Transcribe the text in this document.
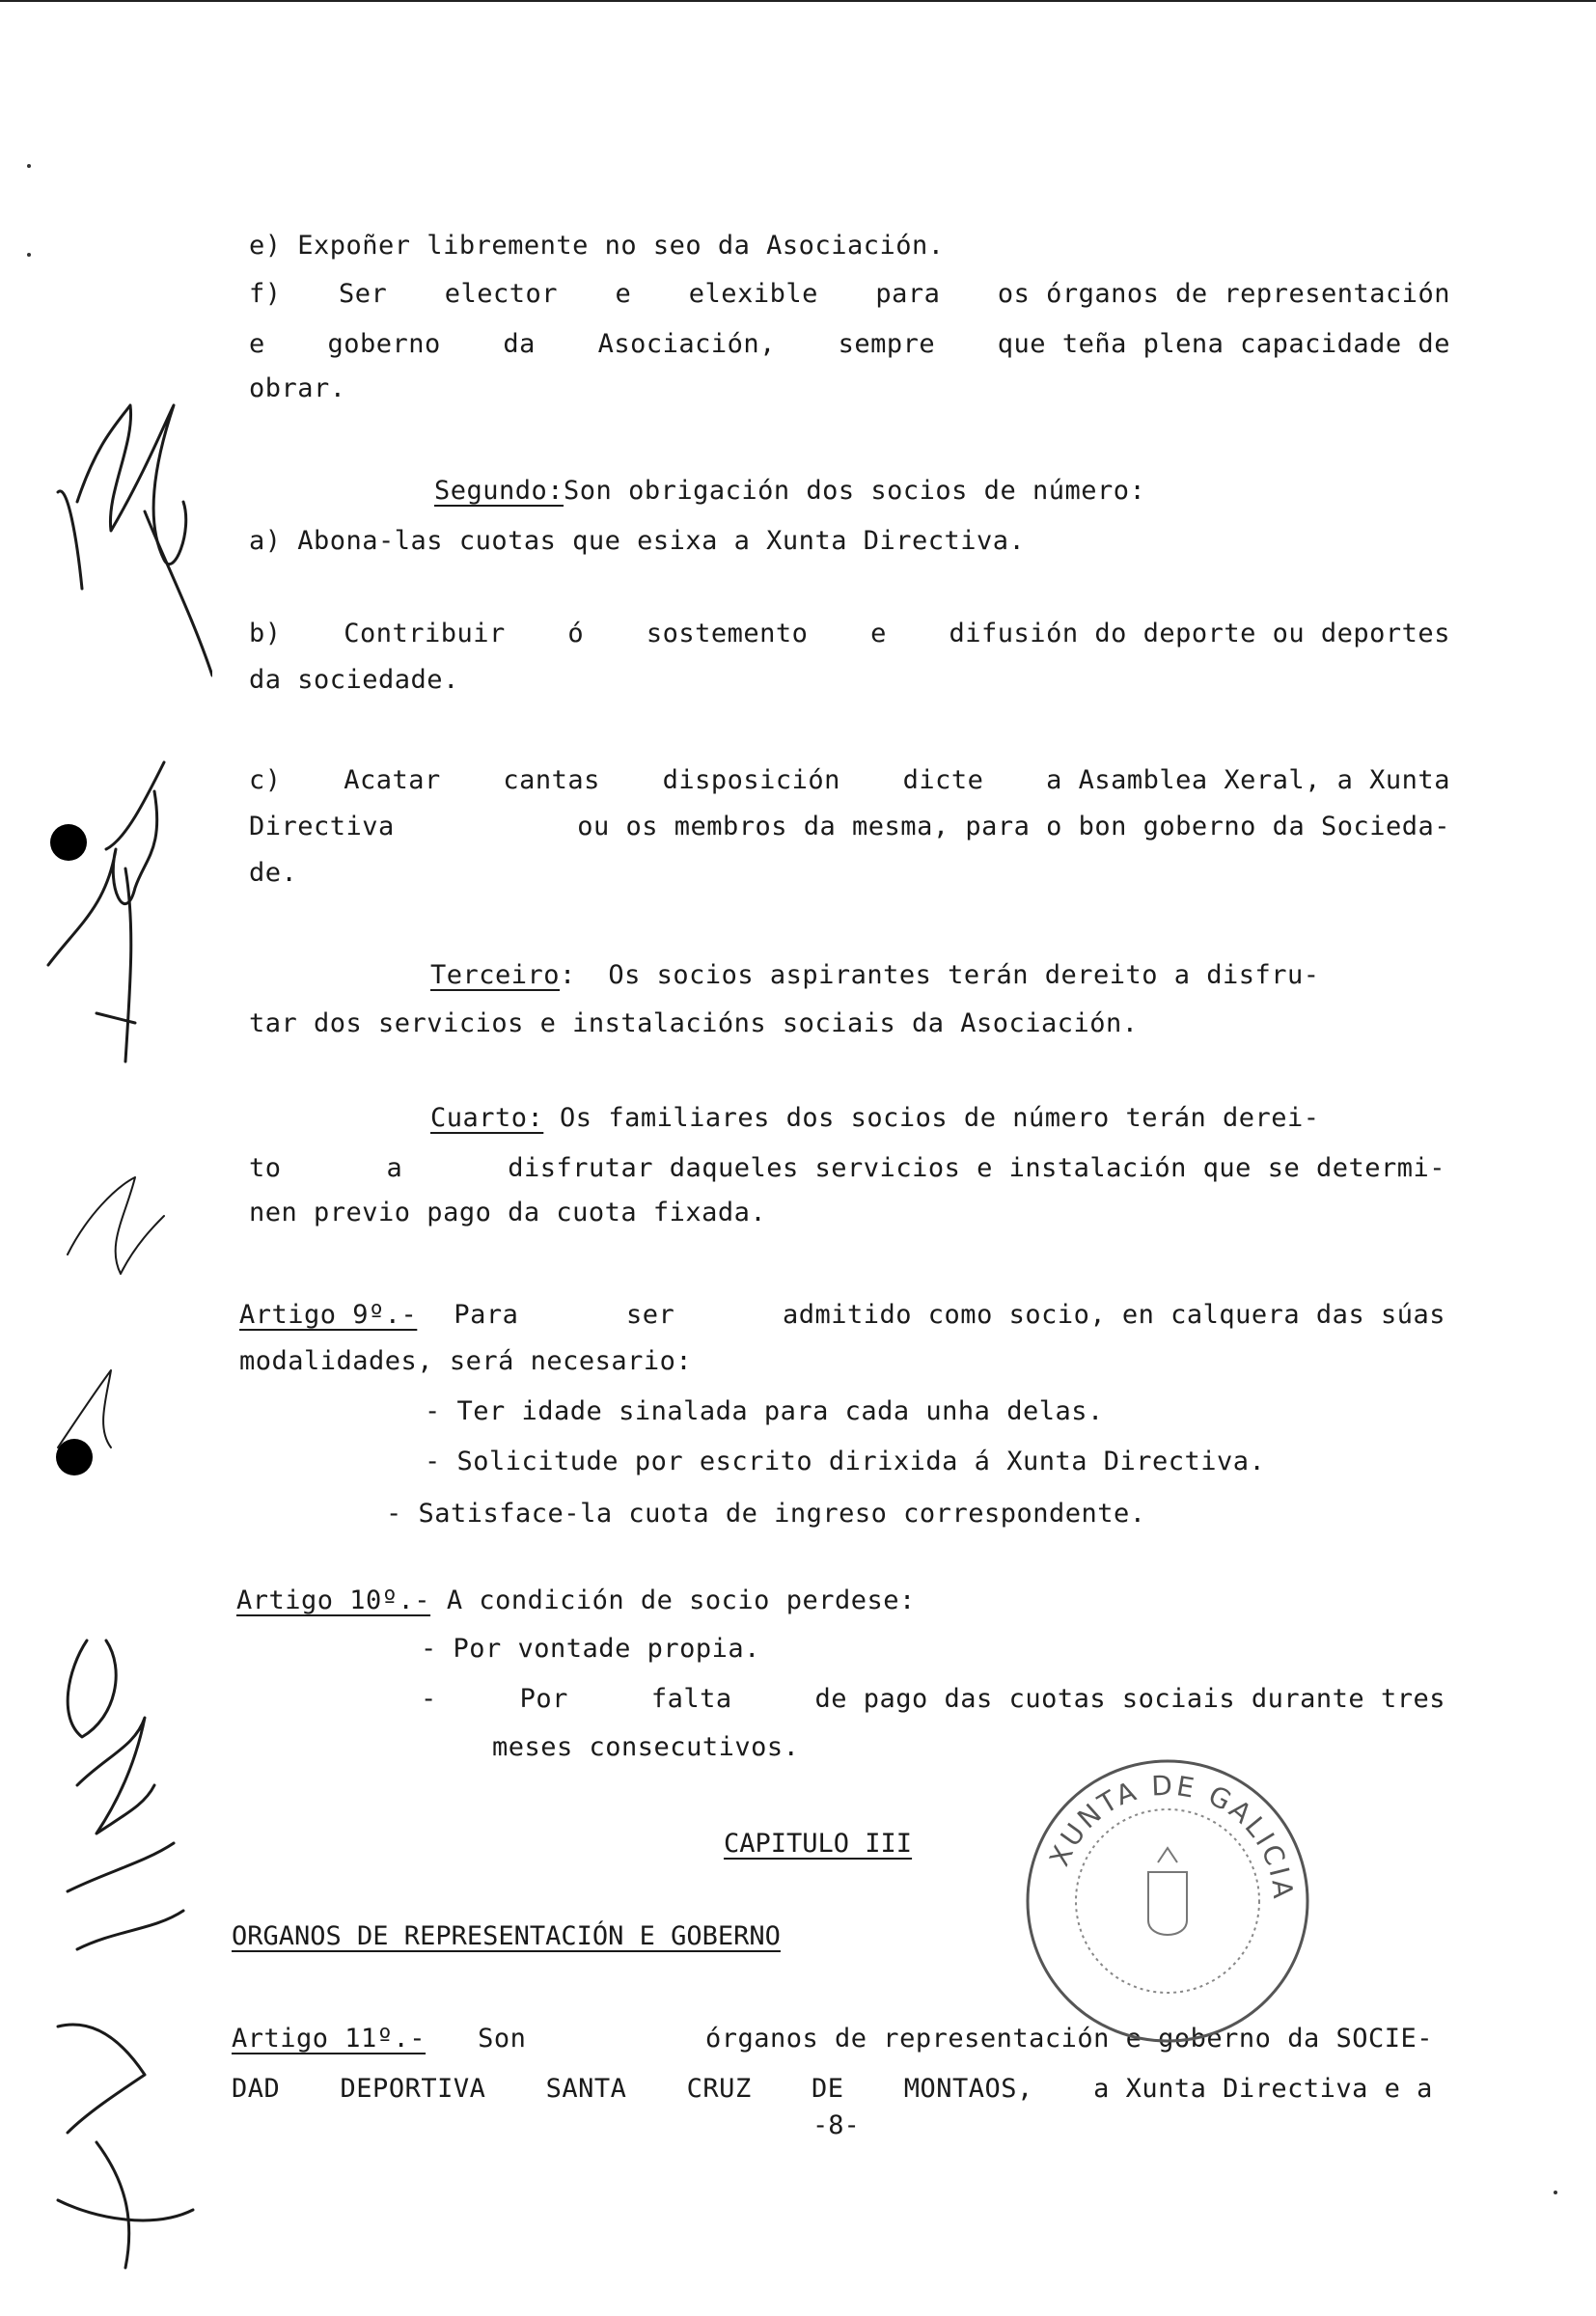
e) Expoñer libremente no seo da Asociación.
f) Ser elector e elexible para os órganos de representación
e goberno da Asociación, sempre que teña plena capacidade de
obrar.
Segundo:Son obrigación dos socios de número:
a) Abona-las cuotas que esixa a Xunta Directiva.
b) Contribuir ó sostemento e difusión do deporte ou deportes
da sociedade.
c) Acatar cantas disposición dicte a Asamblea Xeral, a Xunta
Directiva	ou os membros da mesma, para o bon goberno da Socieda-
de.
Terceiro:  Os socios aspirantes terán dereito a disfru-
tar dos servicios e instalacións sociais da Asociación.
Cuarto: Os familiares dos socios de número terán derei-
to	a	disfrutar daqueles servicios e instalación que se determi-
nen previo pago da cuota fixada.
Artigo 9º.- Para	ser	admitido como socio, en calquera das súas
modalidades, será necesario:
- Ter idade sinalada para cada unha delas.
- Solicitude por escrito dirixida á Xunta Directiva.
- Satisface-la cuota de ingreso correspondente.
Artigo 10º.- A condición de socio perdese:
- Por vontade propia.
-	Por	falta	de pago das cuotas sociais durante tres
meses consecutivos.
CAPITULO III
ORGANOS DE REPRESENTACIÓN E GOBERNO
Artigo 11º.- Son	órganos de representación e goberno da SOCIE-
DAD DEPORTIVA SANTA CRUZ DE MONTAOS, a Xunta Directiva e a
-8-
XUNTA DE GALICIA
